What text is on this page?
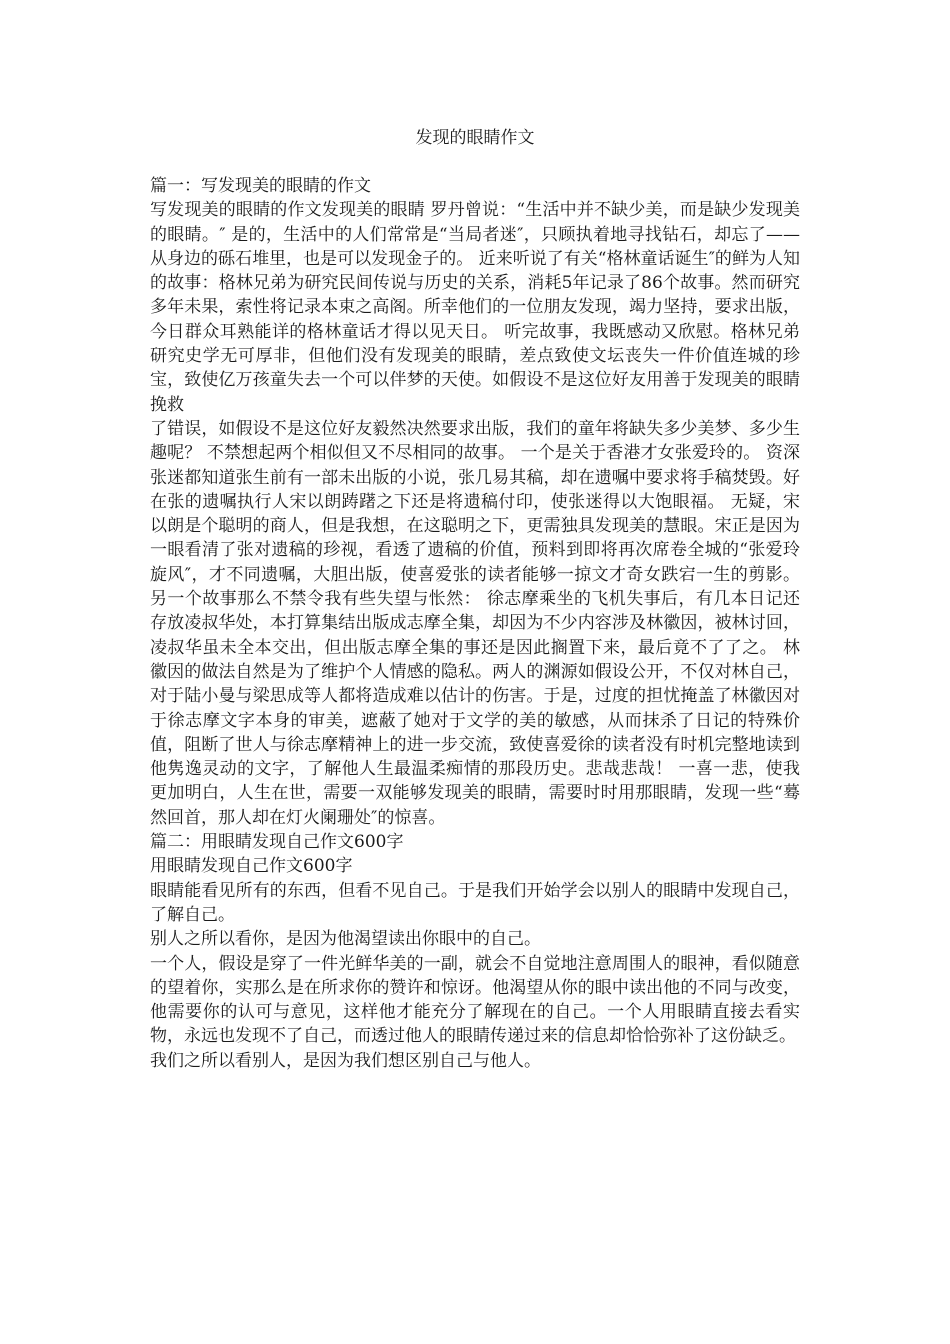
发现的眼睛作文

篇一：写发现美的眼睛的作文

写发现美的眼睛的作文发现美的眼睛 罗丹曾说：“生活中并不缺少美，而是缺少发现美的眼睛。″ 是的，生活中的人们常常是“当局者迷″，只顾执着地寻找钻石，却忘了——从身边的砾石堆里，也是可以发现金子的。 近来听说了有关“格林童话诞生″的鲜为人知的故事：格林兄弟为研究民间传说与历史的关系，消耗5年记录了86个故事。然而研究多年未果，索性将记录本束之高阁。所幸他们的一位朋友发现，竭力坚持，要求出版，今日群众耳熟能详的格林童话才得以见天日。 听完故事，我既感动又欣慰。格林兄弟研究史学无可厚非，但他们没有发现美的眼睛，差点致使文坛丧失一件价值连城的珍宝，致使亿万孩童失去一个可以伴梦的天使。如假设不是这位好友用善于发现美的眼睛挽救

了错误，如假设不是这位好友毅然决然要求出版，我们的童年将缺失多少美梦、多少生趣呢？ 不禁想起两个相似但又不尽相同的故事。 一个是关于香港才女张爱玲的。 资深张迷都知道张生前有一部未出版的小说，张几易其稿，却在遗嘱中要求将手稿焚毁。好在张的遗嘱执行人宋以朗踌躇之下还是将遗稿付印，使张迷得以大饱眼福。 无疑，宋以朗是个聪明的商人，但是我想，在这聪明之下，更需独具发现美的慧眼。宋正是因为一眼看清了张对遗稿的珍视，看透了遗稿的价值，预料到即将再次席卷全城的“张爱玲旋风″，才不同遗嘱，大胆出版，使喜爱张的读者能够一掠文才奇女跌宕一生的剪影。 另一个故事那么不禁令我有些失望与怅然： 徐志摩乘坐的飞机失事后，有几本日记还存放凌叔华处，本打算集结出版成志摩全集，却因为不少内容涉及林徽因，被林讨回，凌叔华虽未全本交出，但出版志摩全集的事还是因此搁置下来，最后竟不了了之。 林徽因的做法自然是为了维护个人情感的隐私。两人的渊源如假设公开，不仅对林自己，对于陆小曼与梁思成等人都将造成难以估计的伤害。于是，过度的担忧掩盖了林徽因对于徐志摩文字本身的审美，遮蔽了她对于文学的美的敏感，从而抹杀了日记的特殊价值，阻断了世人与徐志摩精神上的进一步交流，致使喜爱徐的读者没有时机完整地读到他隽逸灵动的文字，了解他人生最温柔痴情的那段历史。悲哉悲哉！ 一喜一悲，使我更加明白，人生在世，需要一双能够发现美的眼睛，需要时时用那眼睛，发现一些“蓦然回首，那人却在灯火阑珊处″的惊喜。

篇二：用眼睛发现自己作文600字

用眼睛发现自己作文600字

眼睛能看见所有的东西，但看不见自己。于是我们开始学会以别人的眼睛中发现自己，了解自己。

别人之所以看你，是因为他渴望读出你眼中的自己。

一个人，假设是穿了一件光鲜华美的一副，就会不自觉地注意周围人的眼神，看似随意的望着你，实那么是在所求你的赞许和惊讶。他渴望从你的眼中读出他的不同与改变，他需要你的认可与意见，这样他才能充分了解现在的自己。一个人用眼睛直接去看实物，永远也发现不了自己，而透过他人的眼睛传递过来的信息却恰恰弥补了这份缺乏。

我们之所以看别人，是因为我们想区别自己与他人。
